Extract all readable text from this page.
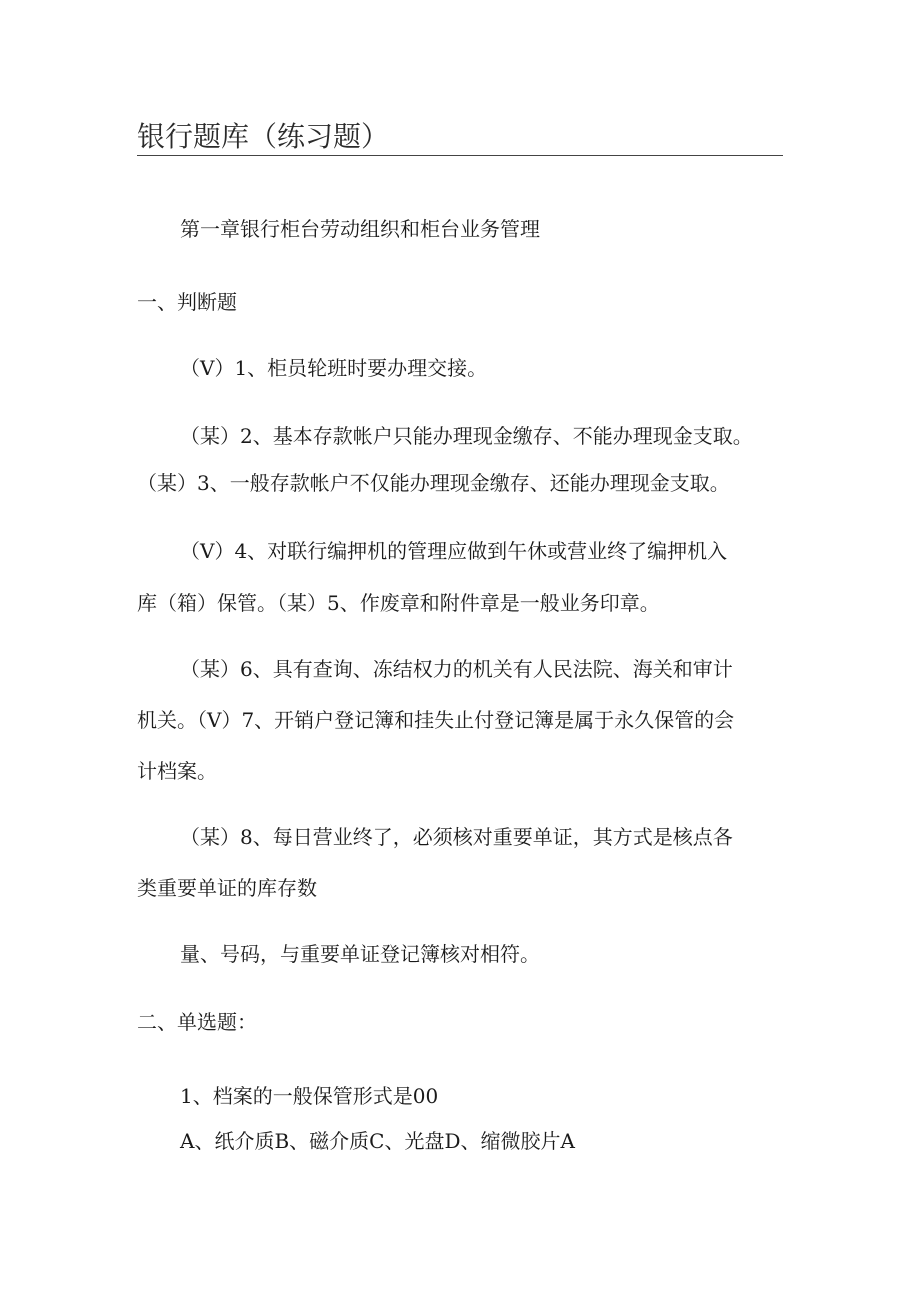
银行题库（练习题）
第一章银行柜台劳动组织和柜台业务管理
一、判断题
（V）1、柜员轮班时要办理交接。
（某）2、基本存款帐户只能办理现金缴存、不能办理现金支取。
（某）3、一般存款帐户不仅能办理现金缴存、还能办理现金支取。
（V）4、对联行编押机的管理应做到午休或营业终了编押机入
库（箱）保管。（某）5、作废章和附件章是一般业务印章。
（某）6、具有查询、冻结权力的机关有人民法院、海关和审计
机关。（V）7、开销户登记簿和挂失止付登记簿是属于永久保管的会
计档案。
（某）8、每日营业终了，必须核对重要单证，其方式是核点各
类重要单证的库存数
量、号码，与重要单证登记簿核对相符。
二、单选题：
1、档案的一般保管形式是00
A、纸介质B、磁介质C、光盘D、缩微胶片A
